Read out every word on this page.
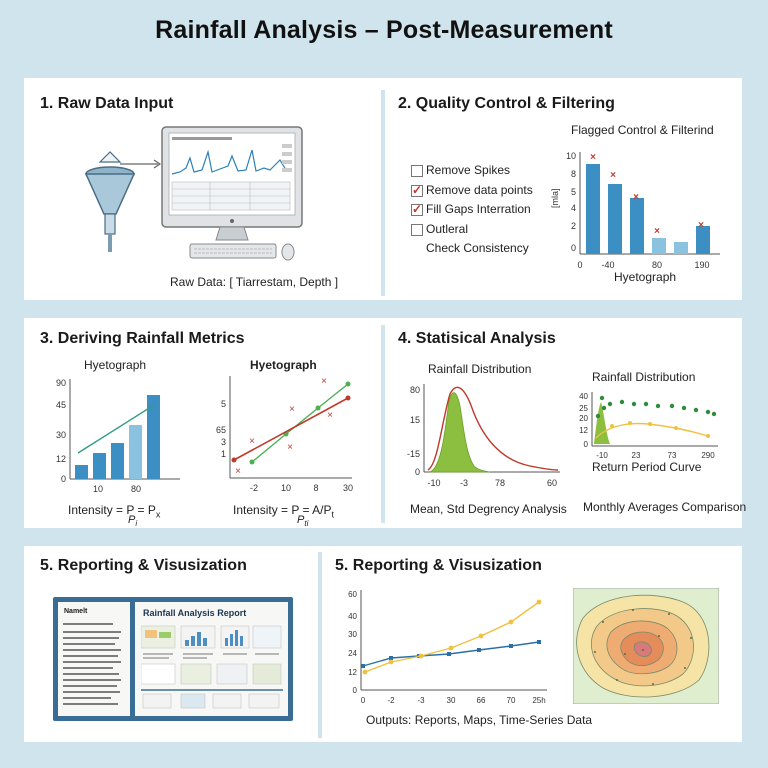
Rainfall Analysis – Post-Measurement
1. Raw Data Input
Raw Data: [ Tiarrestam, Depth ]
2. Quality Control & Filtering
Flagged Control & Filterind
Remove Spikes
✓ Remove data points
✓ Fill Gaps Interration
Outleral
Check Consistency
10
8
5
4
2
0
[mla]
×
×
×
×
×
0 -40	80	190
Hyetograph
3. Deriving Rainfall Metrics
Hyetograph	Hyetograph
90
45
30
12
0
10	80
5
65
3
1
×
×
×
×
×
×
-2	10 8	30
Intensity = $P = P_x$
$P_i$
Intensity = $P = A/P_t$
$P_{ti}$
4. Statisical Analysis
Rainfall Distribution
Rainfall Distribution
80
15
-15
0
-10 -3	78	60
40
25
20
12
0
-10	23	73	290
Return Period Curve
Mean, Std Degrency Analysis Monthly Averages Comparison
5. Reporting & Visusization
Namelt	Rainfall Analysis Report
5. Reporting & Visusization
60
40
30
24
12
0
0	-2	-3	30	66	70 25h
Outputs: Reports, Maps, Time-Series Data
